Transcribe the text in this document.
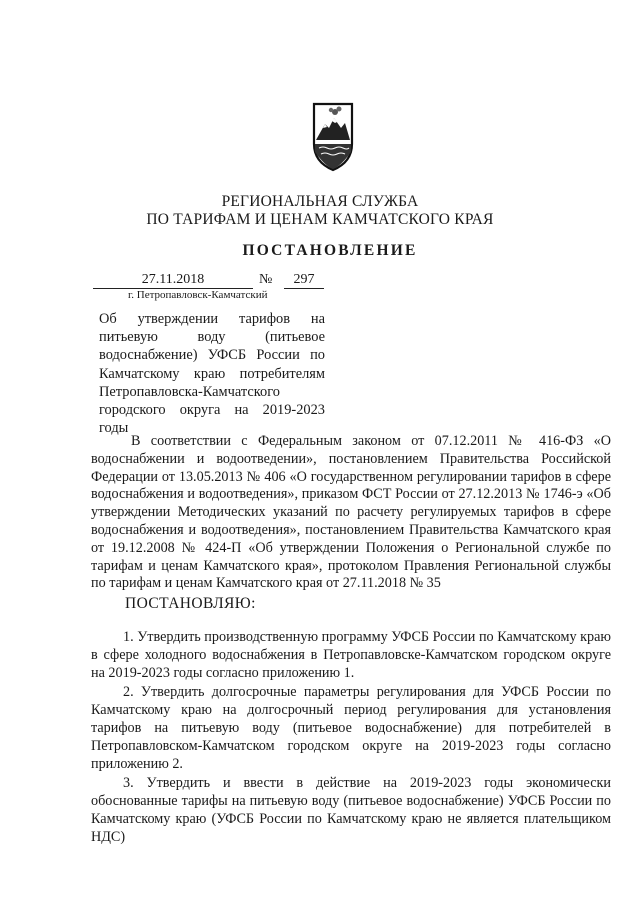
РЕГИОНАЛЬНАЯ СЛУЖБА
ПО ТАРИФАМ И ЦЕНАМ КАМЧАТСКОГО КРАЯ
ПОСТАНОВЛЕНИЕ
27.11.2018	№	297
г. Петропавловск-Камчатский
Об утверждении тарифов на питьевую воду (питьевое водоснабжение) УФСБ России по Камчатскому краю потребителям Петропавловска-Камчатского городского округа на 2019-2023 годы
В соответствии с Федеральным законом от 07.12.2011 № 416-ФЗ «О водоснабжении и водоотведении», постановлением Правительства Российской Федерации от 13.05.2013 № 406 «О государственном регулировании тарифов в сфере водоснабжения и водоотведения», приказом ФСТ России от 27.12.2013 № 1746-э «Об утверждении Методических указаний по расчету регулируемых тарифов в сфере водоснабжения и водоотведения», постановлением Правительства Камчатского края от 19.12.2008 № 424-П «Об утверждении Положения о Региональной службе по тарифам и ценам Камчатского края», протоколом Правления Региональной службы по тарифам и ценам Камчатского края от 27.11.2018 № 35
ПОСТАНОВЛЯЮ:

1. Утвердить производственную программу УФСБ России по Камчатскому краю в сфере холодного водоснабжения в Петропавловске-Камчатском городском округе на 2019-2023 годы согласно приложению 1.

2. Утвердить долгосрочные параметры регулирования для УФСБ России по Камчатскому краю на долгосрочный период регулирования для установления тарифов на питьевую воду (питьевое водоснабжение) для потребителей в Петропавловском-Камчатском городском округе на 2019-2023 годы согласно приложению 2.

3. Утвердить и ввести в действие на 2019-2023 годы экономически обоснованные тарифы на питьевую воду (питьевое водоснабжение) УФСБ России по Камчатскому краю (УФСБ России по Камчатскому краю не является плательщиком НДС)
